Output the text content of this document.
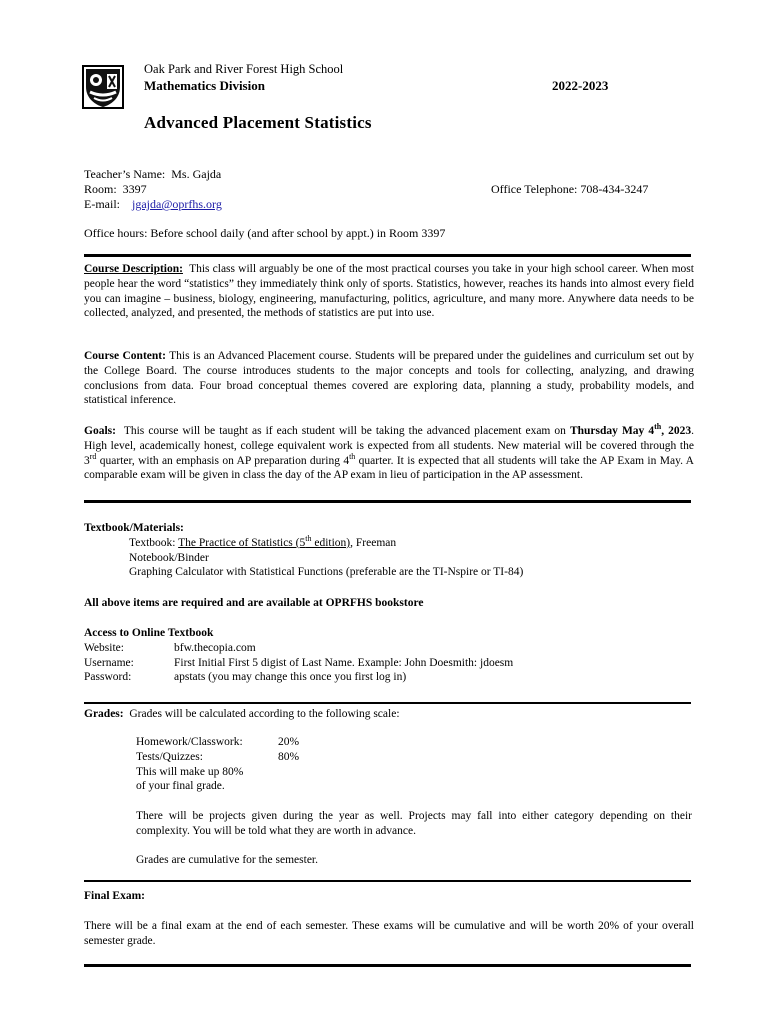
Oak Park and River Forest High School
Mathematics Division	2022-2023
Advanced Placement Statistics
Teacher’s Name: Ms. Gajda
Room: 3397	Office Telephone: 708-434-3247
E-mail: jgajda@oprfhs.org
Office hours: Before school daily (and after school by appt.) in Room 3397

Course Description: This class will arguably be one of the most practical courses you take in your high school career. When most people hear the word “statistics” they immediately think only of sports. Statistics, however, reaches its hands into almost every field you can imagine – business, biology, engineering, manufacturing, politics, agriculture, and many more. Anywhere data needs to be collected, analyzed, and presented, the methods of statistics are put into use.

Course Content: This is an Advanced Placement course. Students will be prepared under the guidelines and curriculum set out by the College Board. The course introduces students to the major concepts and tools for collecting, analyzing, and drawing conclusions from data. Four broad conceptual themes covered are exploring data, planning a study, probability models, and statistical inference.

Goals: This course will be taught as if each student will be taking the advanced placement exam on Thursday May 4th, 2023. High level, academically honest, college equivalent work is expected from all students. New material will be covered through the 3rd quarter, with an emphasis on AP preparation during 4th quarter. It is expected that all students will take the AP Exam in May. A comparable exam will be given in class the day of the AP exam in lieu of participation in the AP assessment.

Textbook/Materials:

Textbook: The Practice of Statistics (5th edition), Freeman

Notebook/Binder

Graphing Calculator with Statistical Functions (preferable are the TI-Nspire or TI-84)

All above items are required and are available at OPRFHS bookstore

Access to Online Textbook

Website:	bfw.thecopia.com
Username:	First Initial First 5 digist of Last Name. Example: John Doesmith: jdoesm
Password:	apstats (you may change this once you first log in)

Grades: Grades will be calculated according to the following scale:

Homework/Classwork:	20%
Tests/Quizzes:	80%

This will make up 80%

of your final grade.

There will be projects given during the year as well. Projects may fall into either category depending on their complexity. You will be told what they are worth in advance.

Grades are cumulative for the semester.

Final Exam:

There will be a final exam at the end of each semester. These exams will be cumulative and will be worth 20% of your overall semester grade.
